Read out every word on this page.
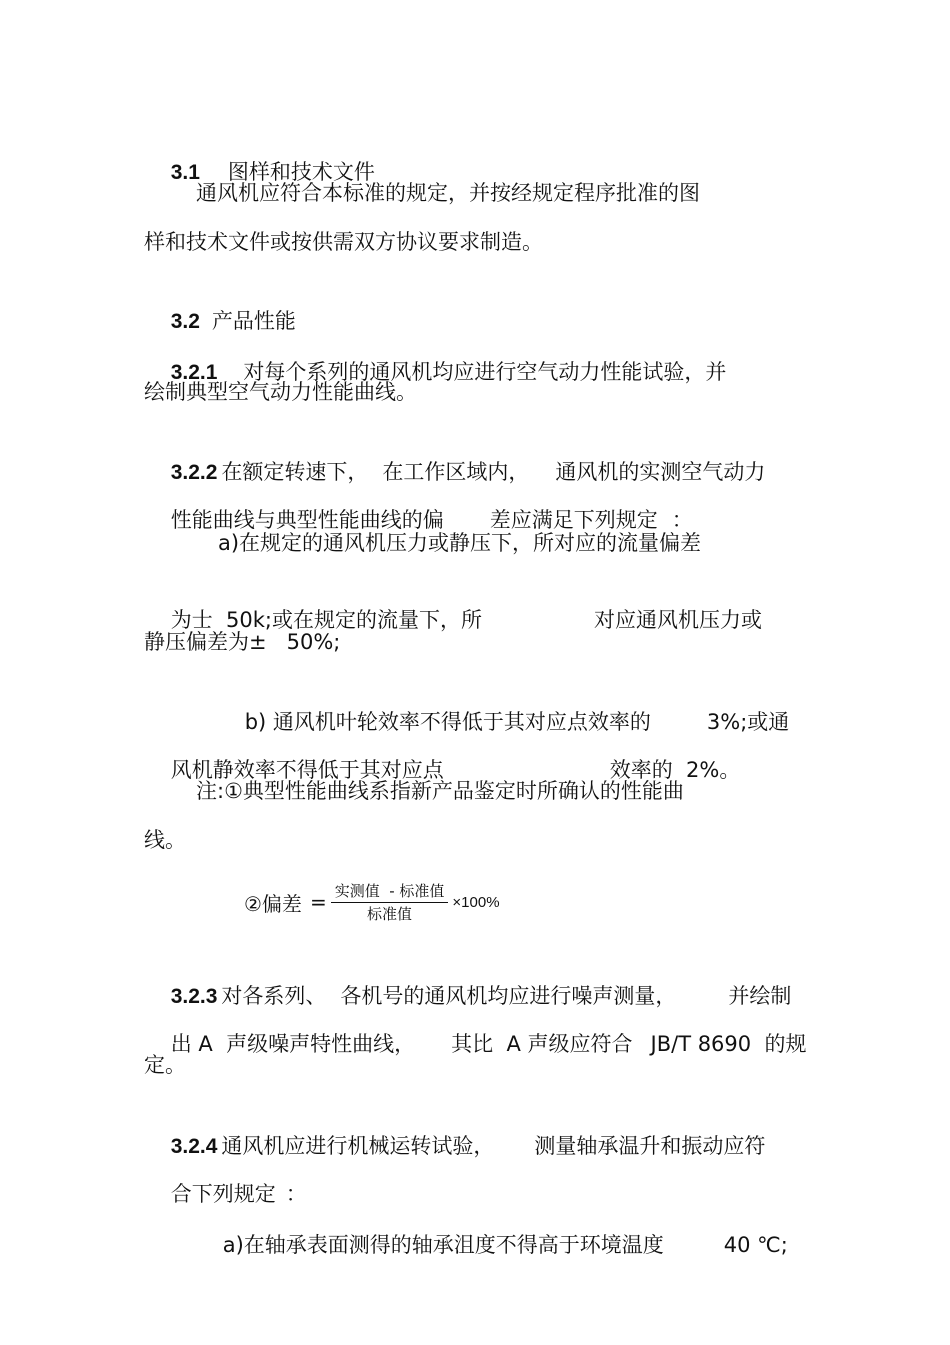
3.1 图样和技术文件

通风机应符合本标准的规定，并按经规定程序批准的图
样和技术文件或按供需双方协议要求制造。

3.2 产品性能

3.2.1 对每个系列的通风机均应进行空气动力性能试验，并

绘制典型空气动力性能曲线。

3.2.2 在额定转速下， 在工作区域内， 通风机的实测空气动力

性能曲线与典型性能曲线的偏 差应满足下列规定 ：

a)在规定的通风机压力或静压下，所对应的流量偏差

为士  50k;或在规定的流量下，所	对应通风机压力或

静压偏差为±   50%;

b) 通风机叶轮效率不得低于其对应点效率的	3%;或通

风机静效率不得低于其对应点	效率的  2%。

注:①典型性能曲线系指新产品鉴定时所确认的性能曲
线。
②偏差 = $\frac{\text{实测值  - 标准值}}{\text{标准值}} \times 100\%$

3.2.3 对各系列、 各机号的通风机均应进行噪声测量， 并绘制

出 A  声级噪声特性曲线， 其比  A 声级应符合 JB/T 8690  的规

定。

3.2.4 通风机应进行机械运转试验， 测量轴承温升和振动应符

合下列规定 ：

a)在轴承表面测得的轴承沮度不得高于环境温度	40 ℃;
